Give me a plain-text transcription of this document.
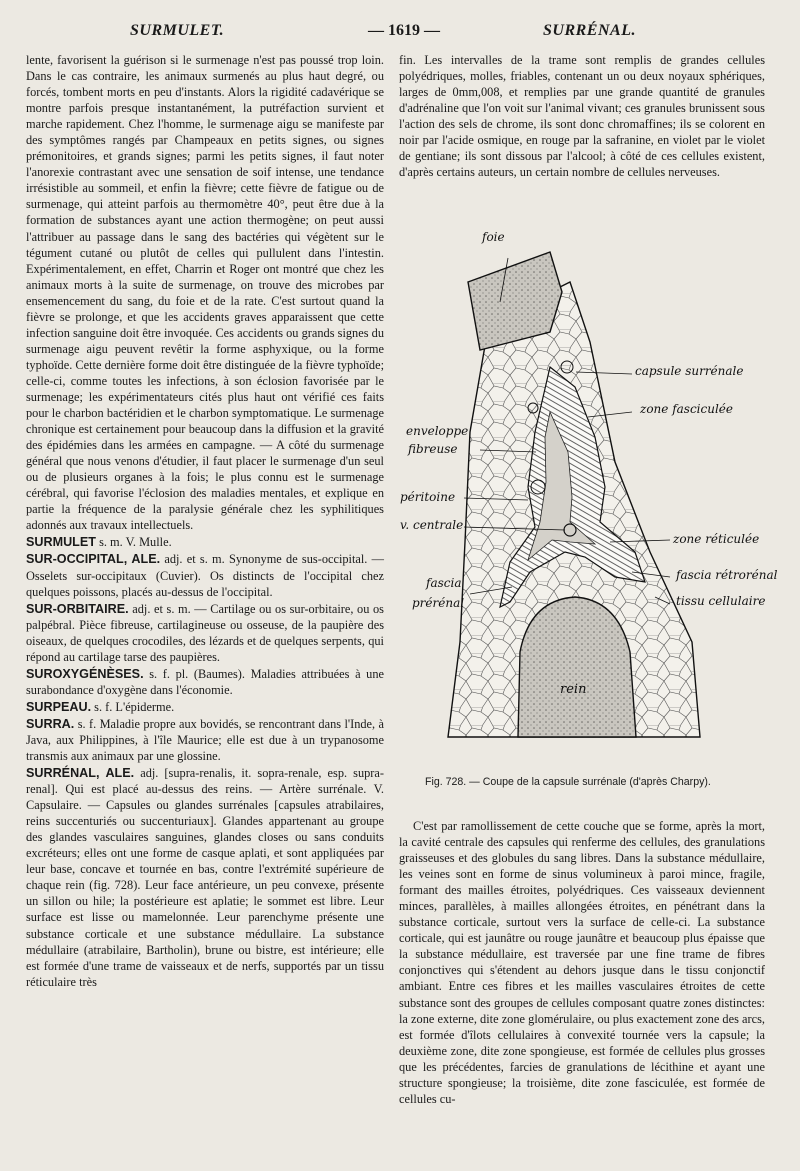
SURMULET.	— 1619 —	SURRÉNAL.

lente, favorisent la guérison si le surmenage n'est pas poussé trop loin. Dans le cas contraire, les animaux surmenés au plus haut degré, ou forcés, tombent morts en peu d'instants. Alors la rigidité cadavérique se montre parfois presque instantanément, la putréfaction survient et marche rapidement. Chez l'homme, le surmenage aigu se manifeste par des symptômes rangés par Champeaux en petits signes, ou signes prémonitoires, et grands signes; parmi les petits signes, il faut noter l'anorexie contrastant avec une sensation de soif intense, une tendance irrésistible au sommeil, et enfin la fièvre; cette fièvre de fatigue ou de surmenage, qui atteint parfois au thermomètre 40°, peut être due à la formation de substances ayant une action thermogène; on peut aussi l'attribuer au passage dans le sang des bactéries qui végètent sur le tégument cutané ou plutôt de celles qui pullulent dans l'intestin. Expérimentalement, en effet, Charrin et Roger ont montré que chez les animaux morts à la suite de surmenage, on trouve des microbes par ensemencement du sang, du foie et de la rate. C'est surtout quand la fièvre se prolonge, et que les accidents graves apparaissent que cette infection sanguine doit être invoquée. Ces accidents ou grands signes du surmenage aigu peuvent revêtir la forme asphyxique, ou la forme typhoïde. Cette dernière forme doit être distinguée de la fièvre typhoïde; celle-ci, comme toutes les infections, à son éclosion favorisée par le surmenage; les expérimentateurs cités plus haut ont vérifié ces faits pour le charbon bactéridien et le charbon symptomatique. Le surmenage chronique est certainement pour beaucoup dans la diffusion et la gravité des épidémies dans les armées en campagne. — A côté du surmenage général que nous venons d'étudier, il faut placer le surmenage d'un seul ou de plusieurs organes à la fois; le plus connu est le surmenage cérébral, qui favorise l'éclosion des maladies mentales, et explique en partie la fréquence de la paralysie générale chez les syphilitiques adonnés aux travaux intellectuels.

SURMULET s. m. V. Mulle.

SUR-OCCIPITAL, ALE. adj. et s. m. Synonyme de sus-occipital. — Osselets sur-occipitaux (Cuvier). Os distincts de l'occipital chez quelques poissons, placés au-dessus de l'occipital.

SUR-ORBITAIRE. adj. et s. m. — Cartilage ou os sur-orbitaire, ou os palpébral. Pièce fibreuse, cartilagineuse ou osseuse, de la paupière des oiseaux, de quelques crocodiles, des lézards et de quelques serpents, qui répond au cartilage tarse des paupières.

SUROXYGÉNÈSES. s. f. pl. (Baumes). Maladies attribuées à une surabondance d'oxygène dans l'économie.

SURPEAU. s. f. L'épiderme.

SURRA. s. f. Maladie propre aux bovidés, se rencontrant dans l'Inde, à Java, aux Philippines, à l'île Maurice; elle est due à un trypanosome transmis aux animaux par une glossine.

SURRÉNAL, ALE. adj. [supra-renalis, it. sopra-renale, esp. supra-renal]. Qui est placé au-dessus des reins. — Artère surrénale. V. Capsulaire. — Capsules ou glandes surrénales [capsules atrabilaires, reins succenturiés ou succenturiaux]. Glandes appartenant au groupe des glandes vasculaires sanguines, glandes closes ou sans conduits excréteurs; elles ont une forme de casque aplati, et sont appliquées par leur base, concave et tournée en bas, contre l'extrémité supérieure de chaque rein (fig. 728). Leur face antérieure, un peu convexe, présente un sillon ou hile; la postérieure est aplatie; le sommet est libre. Leur surface est lisse ou mamelonnée. Leur parenchyme présente une substance corticale et une substance médullaire. La substance médullaire (atrabilaire, Bartholin), brune ou bistre, est intérieure; elle est formée d'une trame de vaisseaux et de nerfs, supportés par un tissu réticulaire très

fin. Les intervalles de la trame sont remplis de grandes cellules polyédriques, molles, friables, contenant un ou deux noyaux sphériques, larges de 0mm,008, et remplies par une grande quantité de granules d'adrénaline que l'on voit sur l'animal vivant; ces granules brunissent sous l'action des sels de chrome, ils sont donc chromaffines; ils se colorent en noir par l'acide osmique, en rouge par la safranine, en violet par le violet de gentiane; ils sont dissous par l'alcool; à côté de ces cellules existent, d'après certains auteurs, un certain nombre de cellules nerveuses.

foie
capsule surrénale
zone fasciculée
enveloppe
fibreuse
péritoine
v. centrale
zone réticulée
fascia
fascia rétrorénal
prérénal	tissu cellulaire
rein
Fig. 728. — Coupe de la capsule surrénale (d'après Charpy).

C'est par ramollissement de cette couche que se forme, après la mort, la cavité centrale des capsules qui renferme des cellules, des granulations graisseuses et des globules du sang libres. Dans la substance médullaire, les veines sont en forme de sinus volumineux à paroi mince, fragile, formant des mailles étroites, polyédriques. Ces vaisseaux deviennent minces, parallèles, à mailles allongées étroites, en pénétrant dans la substance corticale, surtout vers la surface de celle-ci. La substance corticale, qui est jaunâtre ou rouge jaunâtre et beaucoup plus épaisse que la substance médullaire, est traversée par une fine trame de fibres conjonctives qui s'étendent au dehors jusque dans le tissu conjonctif ambiant. Entre ces fibres et les mailles vasculaires étroites de cette substance sont des groupes de cellules composant quatre zones distinctes: la zone externe, dite zone glomérulaire, ou plus exactement zone des arcs, est formée d'îlots cellulaires à convexité tournée vers la capsule; la deuxième zone, dite zone spongieuse, est formée de cellules plus grosses que les précédentes, farcies de granulations de lécithine et ayant une structure spongieuse; la troisième, dite zone fasciculée, est formée de cellules cu-
